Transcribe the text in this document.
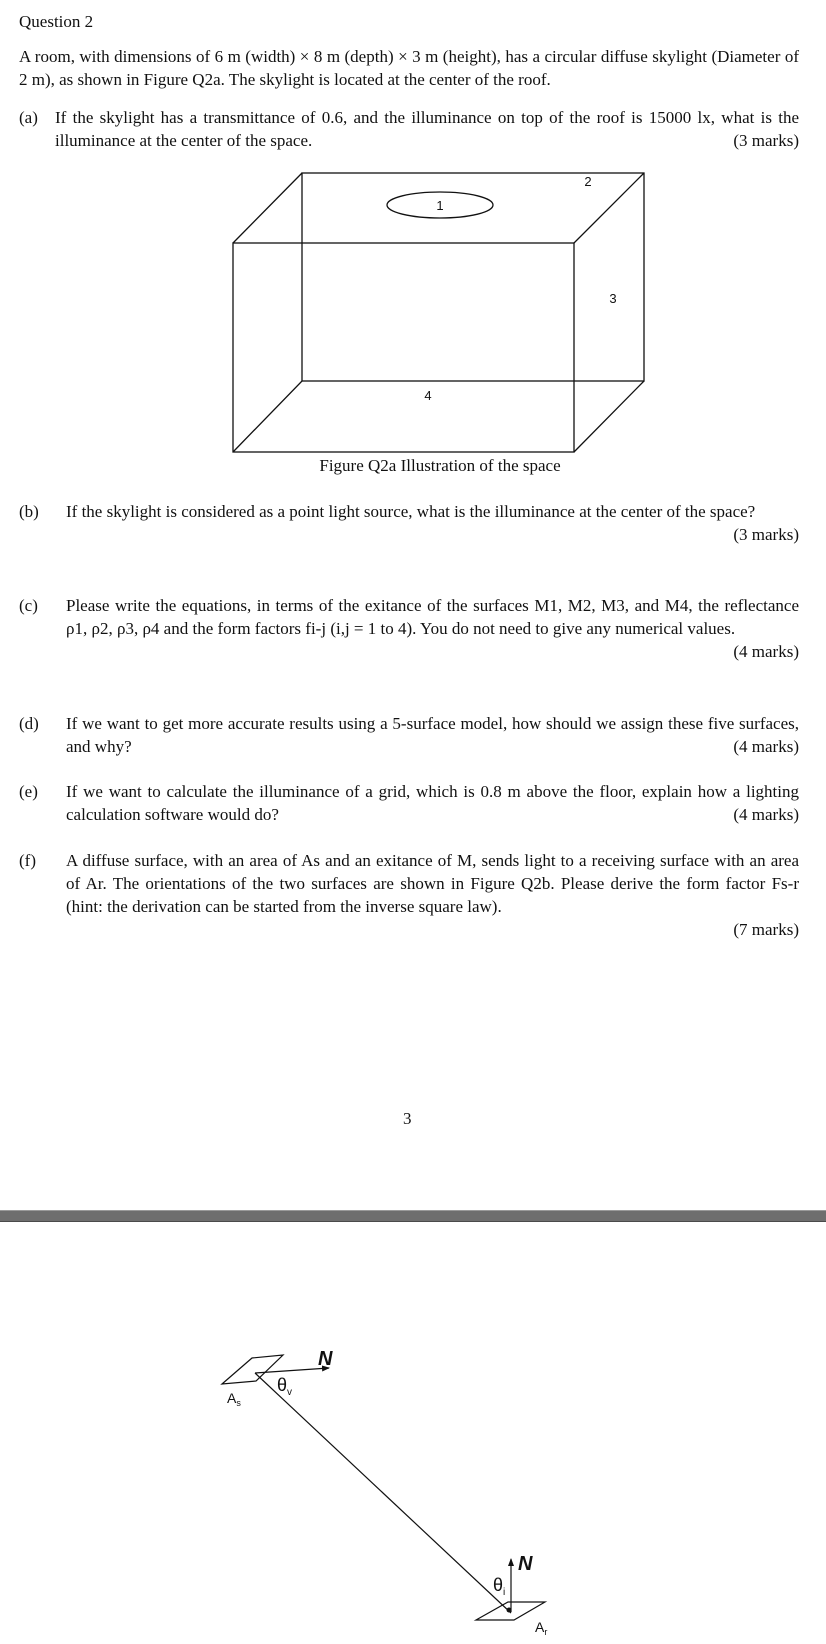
Question 2
A room, with dimensions of 6 m (width) × 8 m (depth) × 3 m (height), has a circular diffuse skylight (Diameter of 2 m), as shown in Figure Q2a. The skylight is located at the center of the roof.
(a) If the skylight has a transmittance of 0.6, and the illuminance on top of the roof is 15000 lx, what is the illuminance at the center of the space.	(3 marks)
1
2
3
4
Figure Q2a Illustration of the space
(b) If the skylight is considered as a point light source, what is the illuminance at the center of the space?
(3 marks)
(c) Please write the equations, in terms of the exitance of the surfaces M1, M2, M3, and M4, the reflectance ρ1, ρ2, ρ3, ρ4 and the form factors fi-j (i,j = 1 to 4). You do not need to give any numerical values.
(4 marks)
(d) If we want to get more accurate results using a 5-surface model, how should we assign these five surfaces, and why?	(4 marks)
(e) If we want to calculate the illuminance of a grid, which is 0.8 m above the floor, explain how a lighting calculation software would do?	(4 marks)
(f) A diffuse surface, with an area of As and an exitance of M, sends light to a receiving surface with an area of Ar. The orientations of the two surfaces are shown in Figure Q2b. Please derive the form factor Fs-r (hint: the derivation can be started from the inverse square law).
(7 marks)
3
$A_s$
$A_r$
N
N
$\theta_v$
$\theta_i$
